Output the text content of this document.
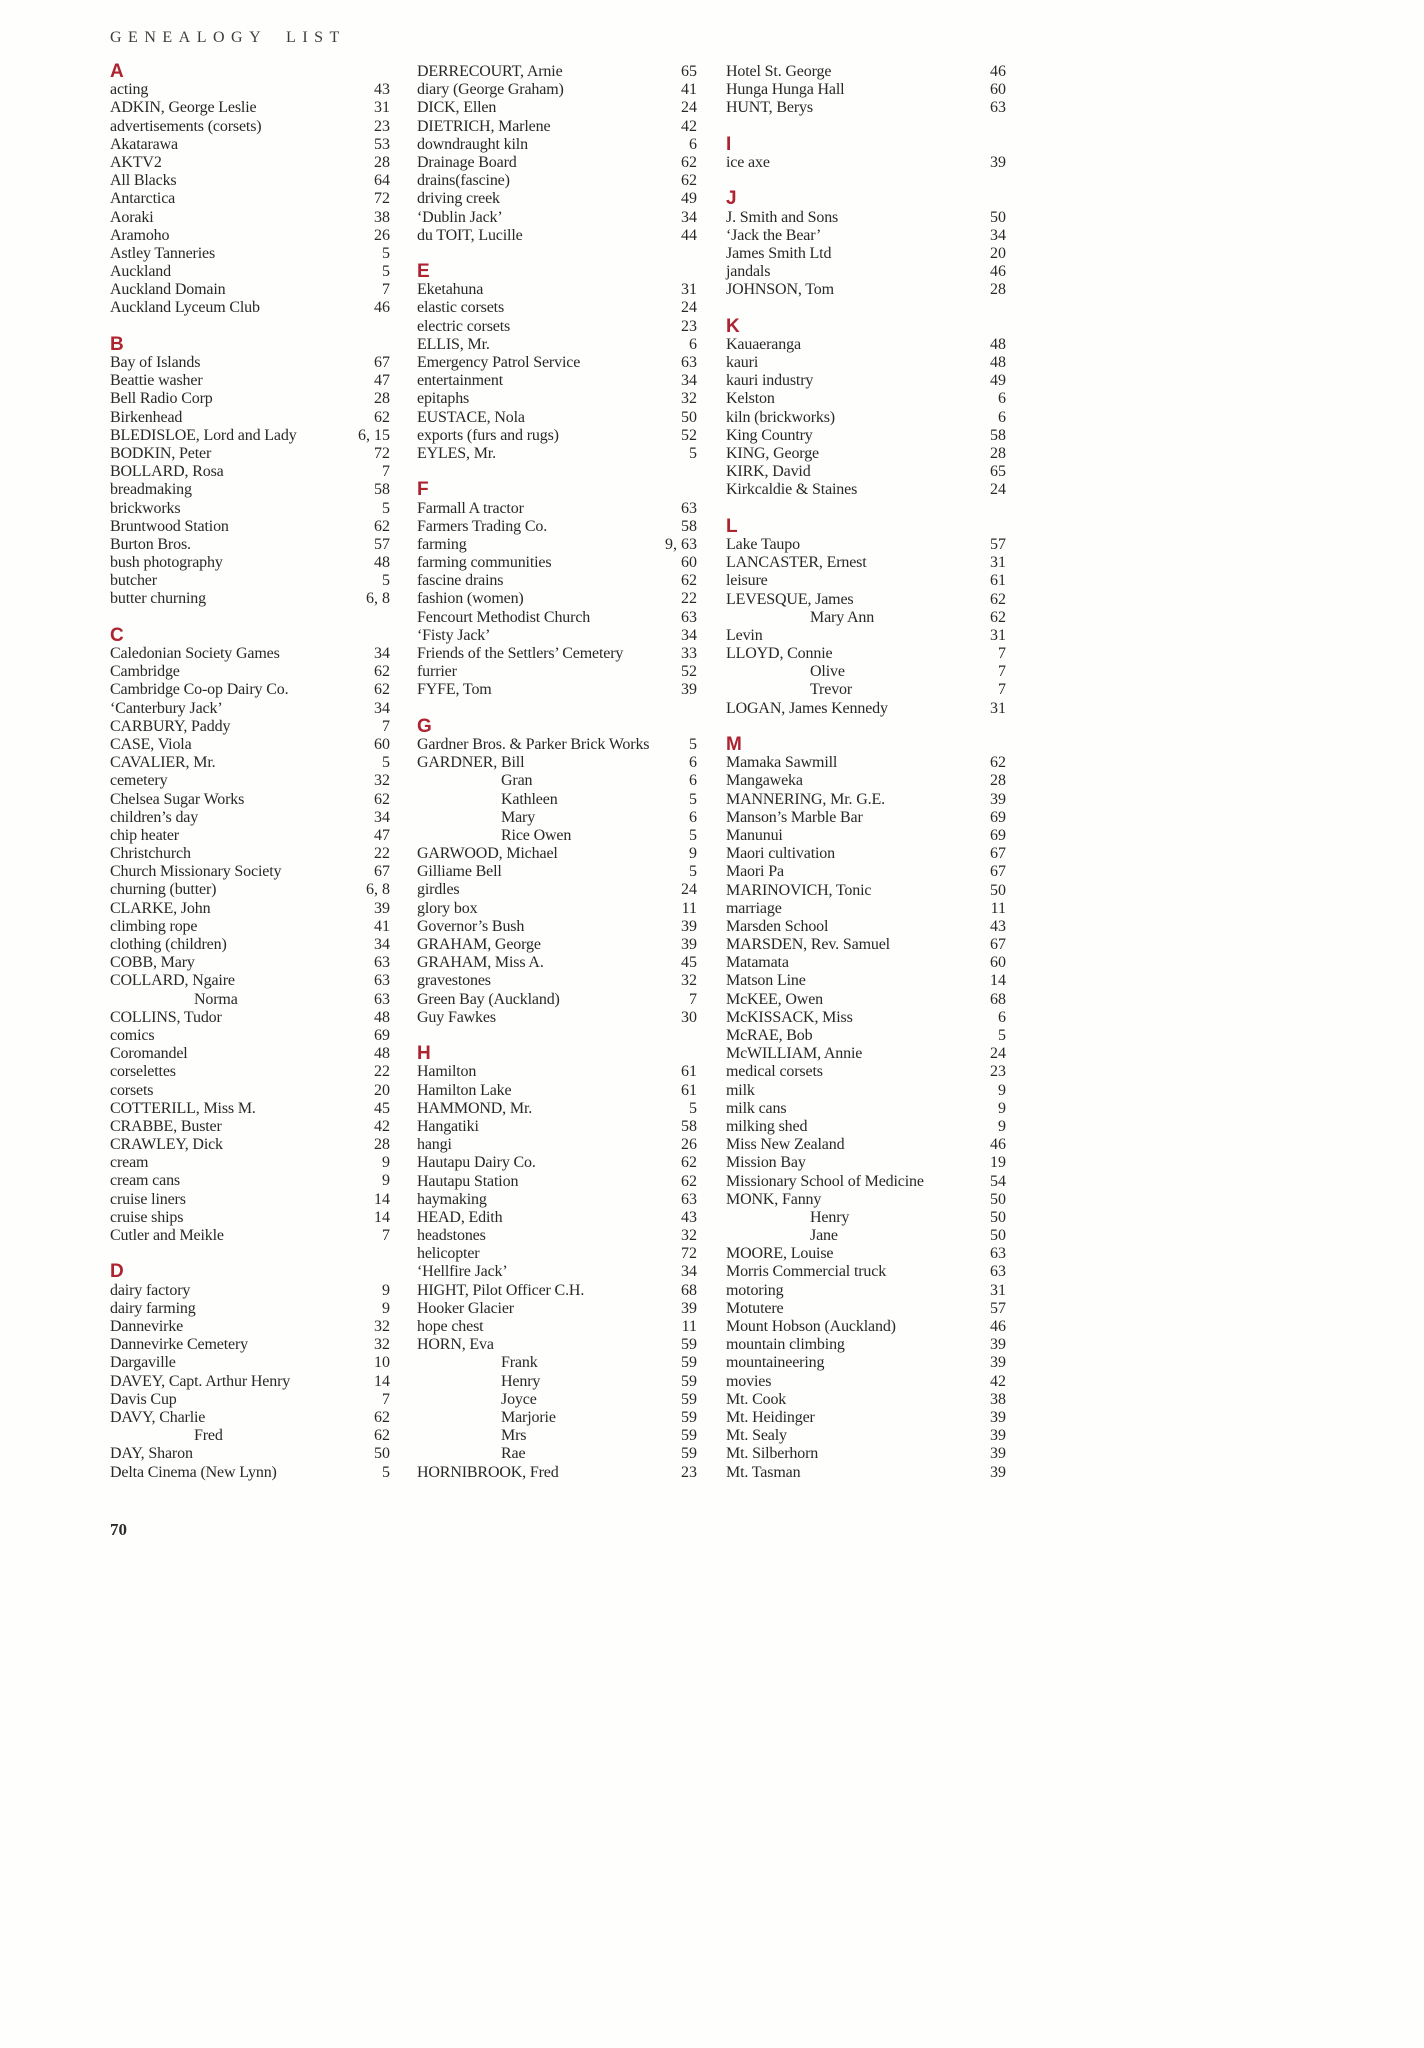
GENEALOGY LIST
A
acting	43
ADKIN, George Leslie	31
advertisements (corsets)	23
Akatarawa	53
AKTV2	28
All Blacks	64
Antarctica	72
Aoraki	38
Aramoho	26
Astley Tanneries	5
Auckland	5
Auckland Domain	7
Auckland Lyceum Club	46
B
Bay of Islands	67
Beattie washer	47
Bell Radio Corp	28
Birkenhead	62
BLEDISLOE, Lord and Lady	6, 15
BODKIN, Peter	72
BOLLARD, Rosa	7
breadmaking	58
brickworks	5
Bruntwood Station	62
Burton Bros.	57
bush photography	48
butcher	5
butter churning	6, 8
C
Caledonian Society Games	34
Cambridge	62
Cambridge Co-op Dairy Co.	62
‘Canterbury Jack’	34
CARBURY, Paddy	7
CASE, Viola	60
CAVALIER, Mr.	5
cemetery	32
Chelsea Sugar Works	62
children’s day	34
chip heater	47
Christchurch	22
Church Missionary Society	67
churning (butter)	6, 8
CLARKE, John	39
climbing rope	41
clothing (children)	34
COBB, Mary	63
COLLARD, Ngaire	63
Norma	63
COLLINS, Tudor	48
comics	69
Coromandel	48
corselettes	22
corsets	20
COTTERILL, Miss M.	45
CRABBE, Buster	42
CRAWLEY, Dick	28
cream	9
cream cans	9
cruise liners	14
cruise ships	14
Cutler and Meikle	7
D
dairy factory	9
dairy farming	9
Dannevirke	32
Dannevirke Cemetery	32
Dargaville	10
DAVEY, Capt. Arthur Henry	14
Davis Cup	7
DAVY, Charlie	62
Fred	62
DAY, Sharon	50
Delta Cinema (New Lynn)	5
DERRECOURT, Arnie	65
diary (George Graham)	41
DICK, Ellen	24
DIETRICH, Marlene	42
downdraught kiln	6
Drainage Board	62
drains(fascine)	62
driving creek	49
‘Dublin Jack’	34
du TOIT, Lucille	44
E
Eketahuna	31
elastic corsets	24
electric corsets	23
ELLIS, Mr.	6
Emergency Patrol Service	63
entertainment	34
epitaphs	32
EUSTACE, Nola	50
exports (furs and rugs)	52
EYLES, Mr.	5
F
Farmall A tractor	63
Farmers Trading Co.	58
farming	9, 63
farming communities	60
fascine drains	62
fashion (women)	22
Fencourt Methodist Church	63
‘Fisty Jack’	34
Friends of the Settlers’ Cemetery	33
furrier	52
FYFE, Tom	39
G
Gardner Bros. & Parker Brick Works	5
GARDNER, Bill	6
Gran	6
Kathleen	5
Mary	6
Rice Owen	5
GARWOOD, Michael	9
Gilliame Bell	5
girdles	24
glory box	11
Governor’s Bush	39
GRAHAM, George	39
GRAHAM, Miss A.	45
gravestones	32
Green Bay (Auckland)	7
Guy Fawkes	30
H
Hamilton	61
Hamilton Lake	61
HAMMOND, Mr.	5
Hangatiki	58
hangi	26
Hautapu Dairy Co.	62
Hautapu Station	62
haymaking	63
HEAD, Edith	43
headstones	32
helicopter	72
‘Hellfire Jack’	34
HIGHT, Pilot Officer C.H.	68
Hooker Glacier	39
hope chest	11
HORN, Eva	59
Frank	59
Henry	59
Joyce	59
Marjorie	59
Mrs	59
Rae	59
HORNIBROOK, Fred	23
Hotel St. George	46
Hunga Hunga Hall	60
HUNT, Berys	63
I
ice axe	39
J
J. Smith and Sons	50
‘Jack the Bear’	34
James Smith Ltd	20
jandals	46
JOHNSON, Tom	28
K
Kauaeranga	48
kauri	48
kauri industry	49
Kelston	6
kiln (brickworks)	6
King Country	58
KING, George	28
KIRK, David	65
Kirkcaldie & Staines	24
L
Lake Taupo	57
LANCASTER, Ernest	31
leisure	61
LEVESQUE, James	62
Mary Ann	62
Levin	31
LLOYD, Connie	7
Olive	7
Trevor	7
LOGAN, James Kennedy	31
M
Mamaka Sawmill	62
Mangaweka	28
MANNERING, Mr. G.E.	39
Manson’s Marble Bar	69
Manunui	69
Maori cultivation	67
Maori Pa	67
MARINOVICH, Tonic	50
marriage	11
Marsden School	43
MARSDEN, Rev. Samuel	67
Matamata	60
Matson Line	14
McKEE, Owen	68
McKISSACK, Miss	6
McRAE, Bob	5
McWILLIAM, Annie	24
medical corsets	23
milk	9
milk cans	9
milking shed	9
Miss New Zealand	46
Mission Bay	19
Missionary School of Medicine	54
MONK, Fanny	50
Henry	50
Jane	50
MOORE, Louise	63
Morris Commercial truck	63
motoring	31
Motutere	57
Mount Hobson (Auckland)	46
mountain climbing	39
mountaineering	39
movies	42
Mt. Cook	38
Mt. Heidinger	39
Mt. Sealy	39
Mt. Silberhorn	39
Mt. Tasman	39
70
